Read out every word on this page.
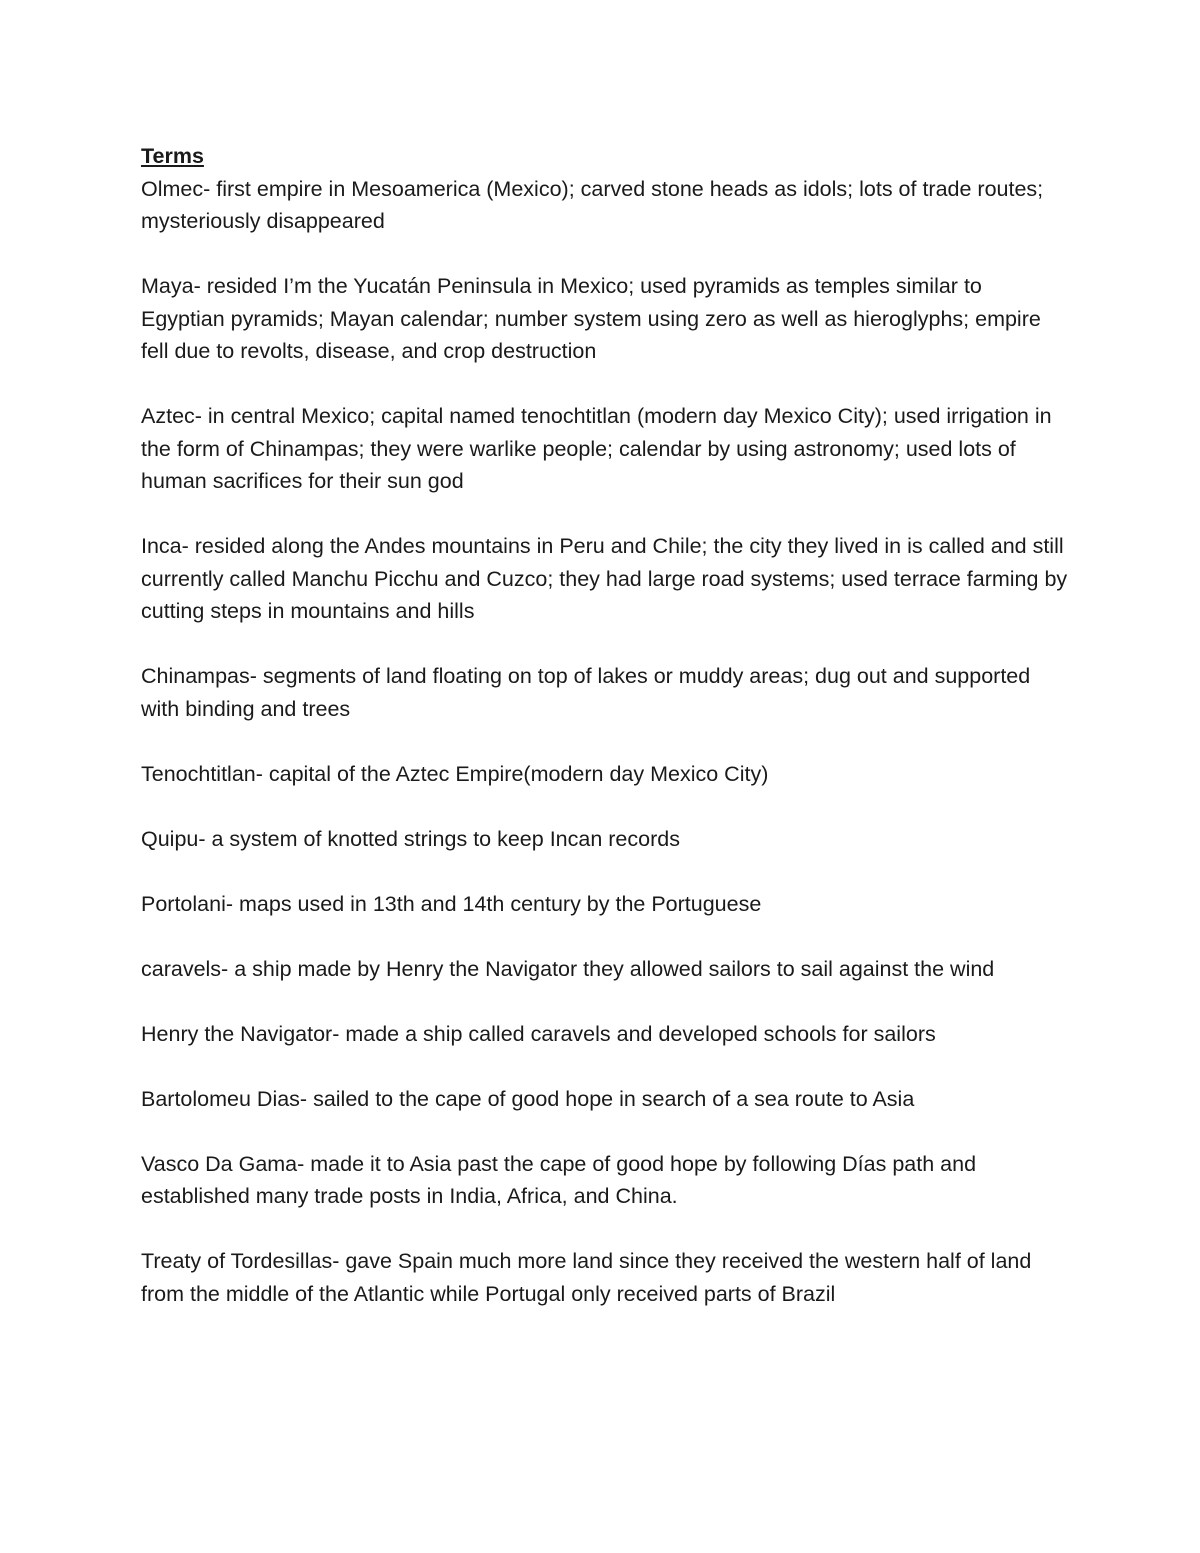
Terms

Olmec- first empire in Mesoamerica (Mexico); carved stone heads as idols; lots of trade routes; mysteriously disappeared

Maya- resided I’m the Yucatán Peninsula in Mexico; used pyramids as temples similar to Egyptian pyramids; Mayan calendar; number system using zero as well as hieroglyphs; empire fell due to revolts, disease, and crop destruction

Aztec- in central Mexico; capital named tenochtitlan (modern day Mexico City); used irrigation in the form of Chinampas; they were warlike people; calendar by using astronomy; used lots of human sacrifices for their sun god

Inca- resided along the Andes mountains in Peru and Chile; the city they lived in is called and still currently called Manchu Picchu and Cuzco; they had large road systems; used terrace farming by cutting steps in mountains and hills

Chinampas- segments of land floating on top of lakes or muddy areas; dug out and supported with binding and trees

Tenochtitlan- capital of the Aztec Empire(modern day Mexico City)

Quipu- a system of knotted strings to keep Incan records

Portolani- maps used in 13th and 14th century by the Portuguese

caravels- a ship made by Henry the Navigator they allowed sailors to sail against the wind

Henry the Navigator- made a ship called caravels and developed schools for sailors

Bartolomeu Dias- sailed to the cape of good hope in search of a sea route to Asia

Vasco Da Gama- made it to Asia past the cape of good hope by following Días path and established many trade posts in India, Africa, and China.

Treaty of Tordesillas- gave Spain much more land since they received the western half of land from the middle of the Atlantic while Portugal only received parts of Brazil
